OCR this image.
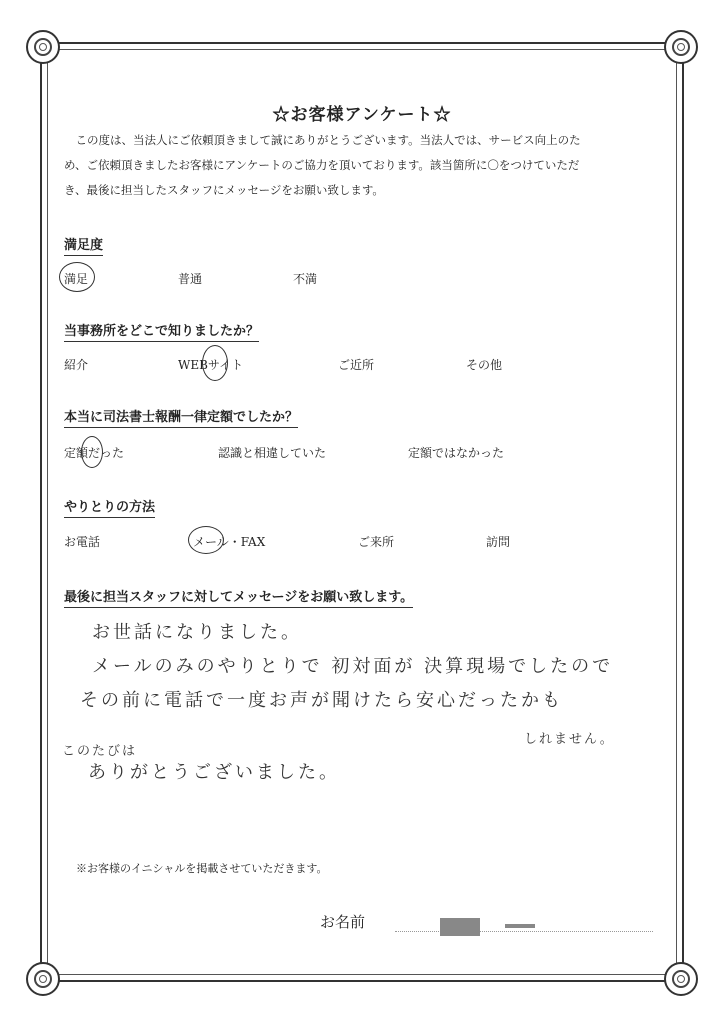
☆お客様アンケート☆

この度は、当法人にご依頼頂きまして誠にありがとうございます。当法人では、サービス向上のた

め、ご依頼頂きましたお客様にアンケートのご協力を頂いております。該当箇所に〇をつけていただ

き、最後に担当したスタッフにメッセージをお願い致します。

満足度
満足	普通	不満
当事務所をどこで知りましたか？
紹介	WEBサイト	ご近所	その他
本当に司法書士報酬一律定額でしたか？
定額だった	認識と相違していた	定額ではなかった
やりとりの方法
お電話	メール・FAX	ご来所	訪問
最後に担当スタッフに対してメッセージをお願い致します。
お世話になりました。
メールのみのやりとりで 初対面が 決算現場でしたので
その前に電話で一度お声が聞けたら安心だったかも
しれません。
このたびは
ありがとうございました。
※お客様のイニシャルを掲載させていただきます。
お名前
